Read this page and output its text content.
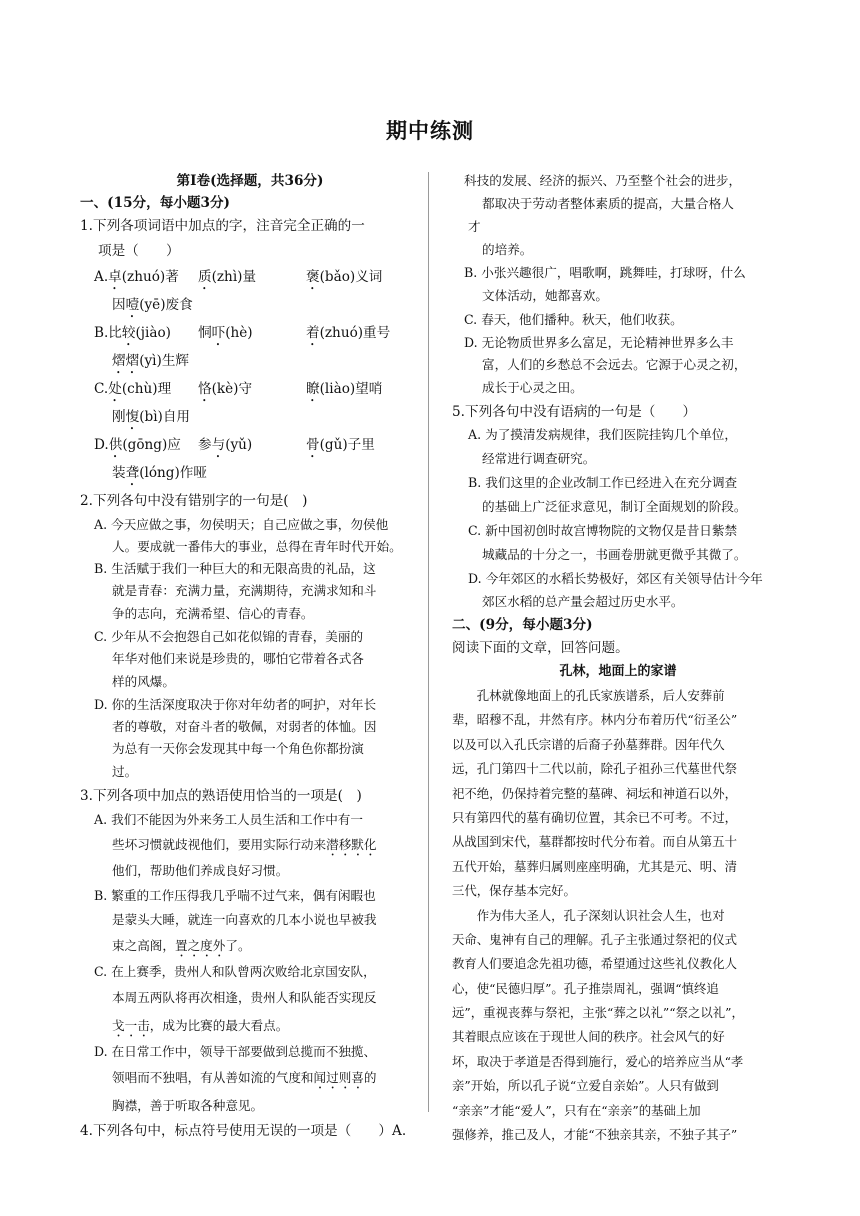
期中练测
第Ⅰ卷(选择题，共36分)
一、(15分，每小题3分)
1.下列各项词语中加点的字，注音完全正确的一
项是（　　）
A.卓(zhuó)著 质(zhì)量	褒(bǎo)义词
因噎(yē)废食
B.比较(jiào) 恫吓(hè)	着(zhuó)重号
熠熠(yì)生辉
C.处(chù)理 恪(kè)守	瞭(liào)望哨
刚愎(bì)自用
D.供(gōng)应 参与(yǔ)	骨(gǔ)子里
装聋(lóng)作哑
2.下列各句中没有错别字的一句是(　)
A. 今天应做之事，勿侯明天；自己应做之事，勿侯他
人。要成就一番伟大的事业，总得在青年时代开始。
B. 生活赋于我们一种巨大的和无限高贵的礼品，这
就是青春：充满力量，充满期待，充满求知和斗
争的志向，充满希望、信心的青春。
C. 少年从不会抱怨自己如花似锦的青春，美丽的
年华对他们来说是珍贵的，哪怕它带着各式各
样的风爆。
D. 你的生活深度取决于你对年幼者的呵护，对年长
者的尊敬，对奋斗者的敬佩，对弱者的体恤。因
为总有一天你会发现其中每一个角色你都扮演
过。
3.下列各项中加点的熟语使用恰当的一项是(　)
A. 我们不能因为外来务工人员生活和工作中有一
些坏习惯就歧视他们，要用实际行动来潜移默化
他们，帮助他们养成良好习惯。
B. 繁重的工作压得我几乎喘不过气来，偶有闲暇也
是蒙头大睡，就连一向喜欢的几本小说也早被我
束之高阁，置之度外了。
C. 在上赛季，贵州人和队曾两次败给北京国安队，
本周五两队将再次相逢，贵州人和队能否实现反
戈一击，成为比赛的最大看点。
D. 在日常工作中，领导干部要做到总揽而不独揽、
领唱而不独唱，有从善如流的气度和闻过则喜的
胸襟，善于听取各种意见。
4.下列各句中，标点符号使用无误的一项是（　　）A.
科技的发展、经济的振兴、乃至整个社会的进步，
都取决于劳动者整体素质的提高，大量合格人
才
的培养。
B. 小张兴趣很广，唱歌啊，跳舞哇，打球呀，什么
文体活动，她都喜欢。
C. 春天，他们播种。秋天，他们收获。
D. 无论物质世界多么富足，无论精神世界多么丰
富，人们的乡愁总不会远去。它源于心灵之初，
成长于心灵之田。
5.下列各句中没有语病的一句是（　　）
A. 为了摸清发病规律，我们医院挂钩几个单位，
经常进行调查研究。
B. 我们这里的企业改制工作已经进入在充分调查
的基础上广泛征求意见，制订全面规划的阶段。
C. 新中国初创时故宫博物院的文物仅是昔日紫禁
城藏品的十分之一，书画卷册就更微乎其微了。
D. 今年郊区的水稻长势极好，郊区有关领导估计今年
郊区水稻的总产量会超过历史水平。
二、(9分，每小题3分)
阅读下面的文章，回答问题。
孔林，地面上的家谱
　　孔林就像地面上的孔氏家族谱系，后人安葬前
辈，昭穆不乱，井然有序。林内分布着历代“衍圣公”
以及可以入孔氏宗谱的后裔子孙墓葬群。因年代久
远，孔门第四十二代以前，除孔子祖孙三代墓世代祭
祀不绝，仍保持着完整的墓碑、祠坛和神道石以外，
只有第四代的墓有确切位置，其余已不可考。不过，
从战国到宋代，墓群都按时代分布着。而自从第五十
五代开始，墓葬归属则座座明确，尤其是元、明、清
三代，保存基本完好。
　　作为伟大圣人，孔子深刻认识社会人生，也对
天命、鬼神有自己的理解。孔子主张通过祭祀的仪式
教育人们要追念先祖功德，希望通过这些礼仪教化人
心，使“民德归厚”。孔子推崇周礼，强调“慎终追
远”，重视丧葬与祭祀，主张“葬之以礼”“祭之以礼”，
其着眼点应该在于现世人间的秩序。社会风气的好
坏，取决于孝道是否得到施行，爱心的培养应当从“孝
亲”开始，所以孔子说“立爱自亲始”。人只有做到
“亲亲”才能“爱人”，只有在“亲亲”的基础上加
强修养，推己及人，才能“不独亲其亲，不独子其子”
